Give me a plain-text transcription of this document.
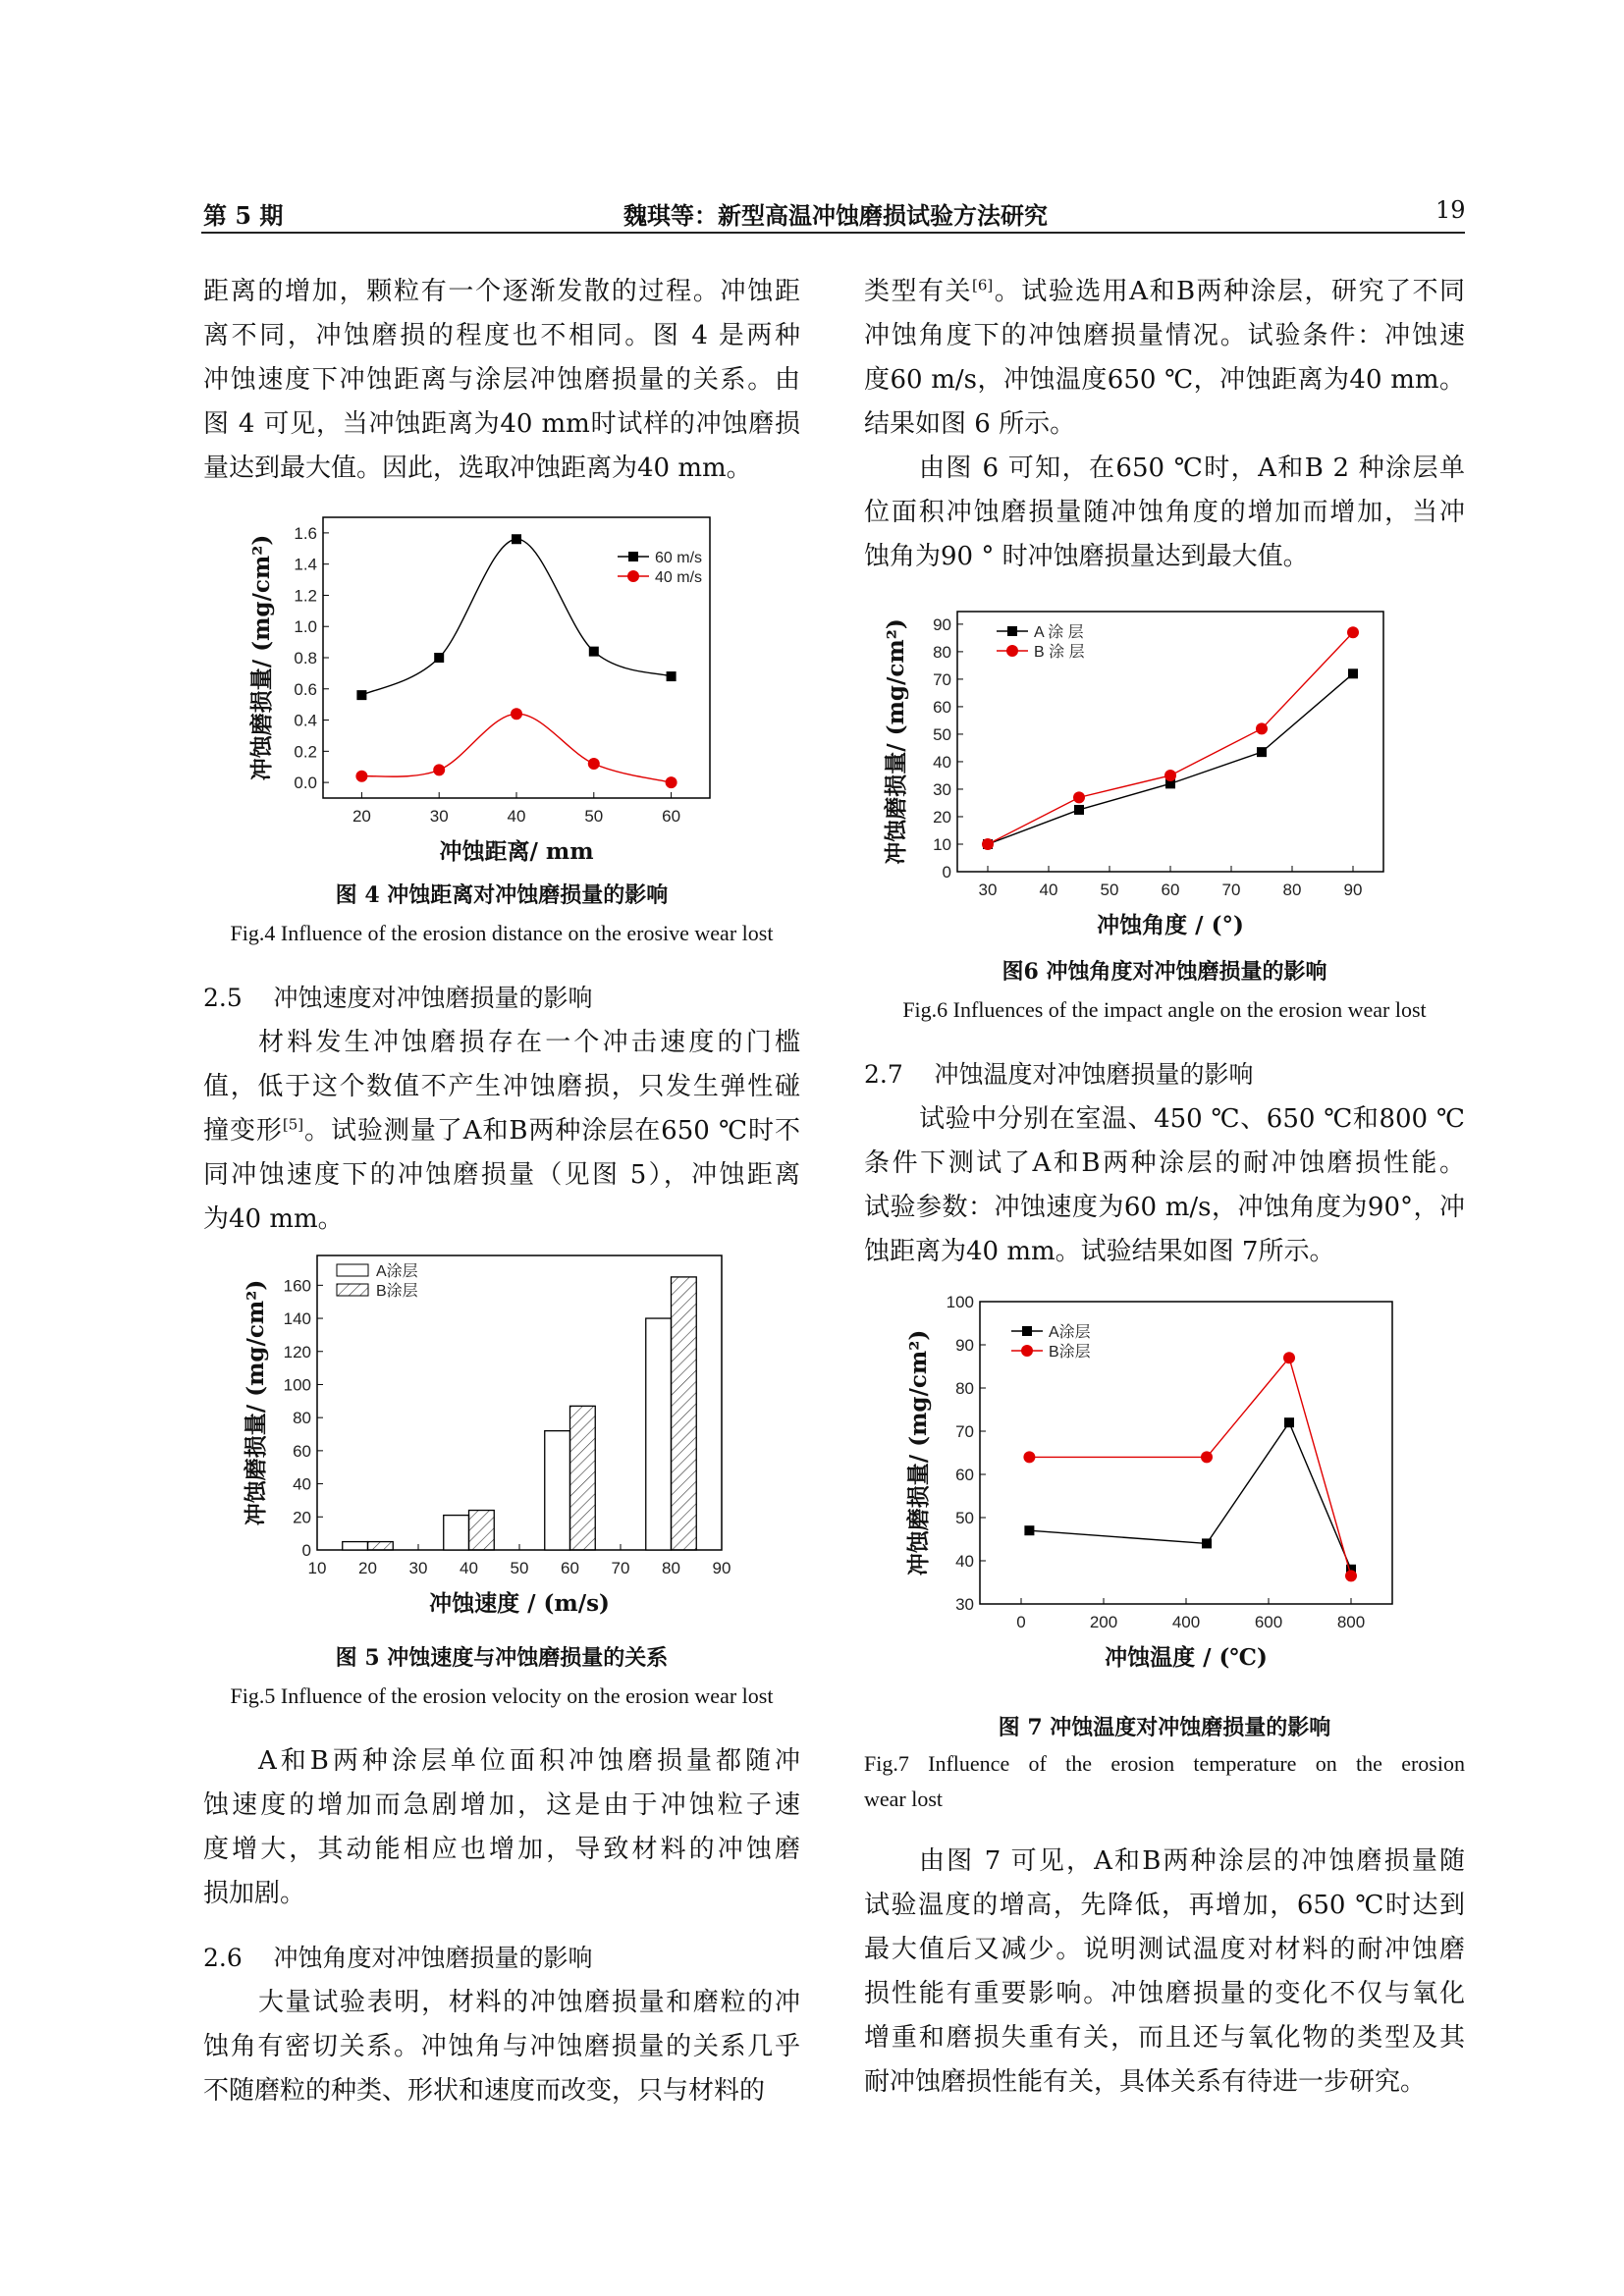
第 5 期	魏琪等：新型高温冲蚀磨损试验方法研究	19
距离的增加，颗粒有一个逐渐发散的过程。冲蚀距
离不同，冲蚀磨损的程度也不相同。图 4 是两种
冲蚀速度下冲蚀距离与涂层冲蚀磨损量的关系。由
图 4 可见，当冲蚀距离为40 mm时试样的冲蚀磨损
量达到最大值。因此，选取冲蚀距离为40 mm。
图 4 冲蚀距离对冲蚀磨损量的影响
Fig.4 Influence of the erosion distance on the erosive wear lost
2.5    冲蚀速度对冲蚀磨损量的影响
材料发生冲蚀磨损存在一个冲击速度的门槛
值，低于这个数值不产生冲蚀磨损，只发生弹性碰
撞变形[5]。试验测量了A和B两种涂层在650 ℃时不
同冲蚀速度下的冲蚀磨损量（见图 5），冲蚀距离
为40 mm。
图 5 冲蚀速度与冲蚀磨损量的关系
Fig.5 Influence of the erosion velocity on the erosion wear lost
A和B两种涂层单位面积冲蚀磨损量都随冲
蚀速度的增加而急剧增加，这是由于冲蚀粒子速
度增大，其动能相应也增加，导致材料的冲蚀磨
损加剧。
2.6    冲蚀角度对冲蚀磨损量的影响
大量试验表明，材料的冲蚀磨损量和磨粒的冲
蚀角有密切关系。冲蚀角与冲蚀磨损量的关系几乎
不随磨粒的种类、形状和速度而改变，只与材料的
类型有关[6]。试验选用A和B两种涂层，研究了不同
冲蚀角度下的冲蚀磨损量情况。试验条件：冲蚀速
度60 m/s，冲蚀温度650 ℃，冲蚀距离为40 mm。
结果如图 6 所示。
由图 6 可知，在650 ℃时，A和B 2 种涂层单
位面积冲蚀磨损量随冲蚀角度的增加而增加，当冲
蚀角为90 ° 时冲蚀磨损量达到最大值。
图6 冲蚀角度对冲蚀磨损量的影响
Fig.6 Influences of the impact angle on the erosion wear lost
2.7    冲蚀温度对冲蚀磨损量的影响
试验中分别在室温、450 ℃、650 ℃和800 ℃
条件下测试了A和B两种涂层的耐冲蚀磨损性能。
试验参数：冲蚀速度为60 m/s，冲蚀角度为90°，冲
蚀距离为40 mm。试验结果如图 7所示。
图 7 冲蚀温度对冲蚀磨损量的影响
Fig.7 Influence of the erosion temperature on the erosion
wear lost
由图 7 可见，A和B两种涂层的冲蚀磨损量随
试验温度的增高，先降低，再增加，650 ℃时达到
最大值后又减少。说明测试温度对材料的耐冲蚀磨
损性能有重要影响。冲蚀磨损量的变化不仅与氧化
增重和磨损失重有关，而且还与氧化物的类型及其
耐冲蚀磨损性能有关，具体关系有待进一步研究。
0.0
0.2
0.4
0.6
0.8
1.0
1.2
1.4
1.6
20	30	40	50	60
冲蚀距离/ mm
冲蚀磨损量/ (mg/cm²)	60 m/s
40 m/s
0
20
40
60
80
100
120
140
160
10 20 30 40 50 60 70 80 90
冲蚀速度 / (m/s)
冲蚀磨损量/ (mg/cm²)
A涂层
B涂层
0
10
20
30
40
50
60
70
80
90
30	40	50	60	70	80	90
冲蚀角度 / (°)
冲蚀磨损量/ (mg/cm²)	A 涂 层
B 涂 层
30
40
50
60
70
80
90
100
0	200	400	600	800
冲蚀温度 / (℃)
冲蚀磨损量/ (mg/cm²)	A涂层
B涂层
